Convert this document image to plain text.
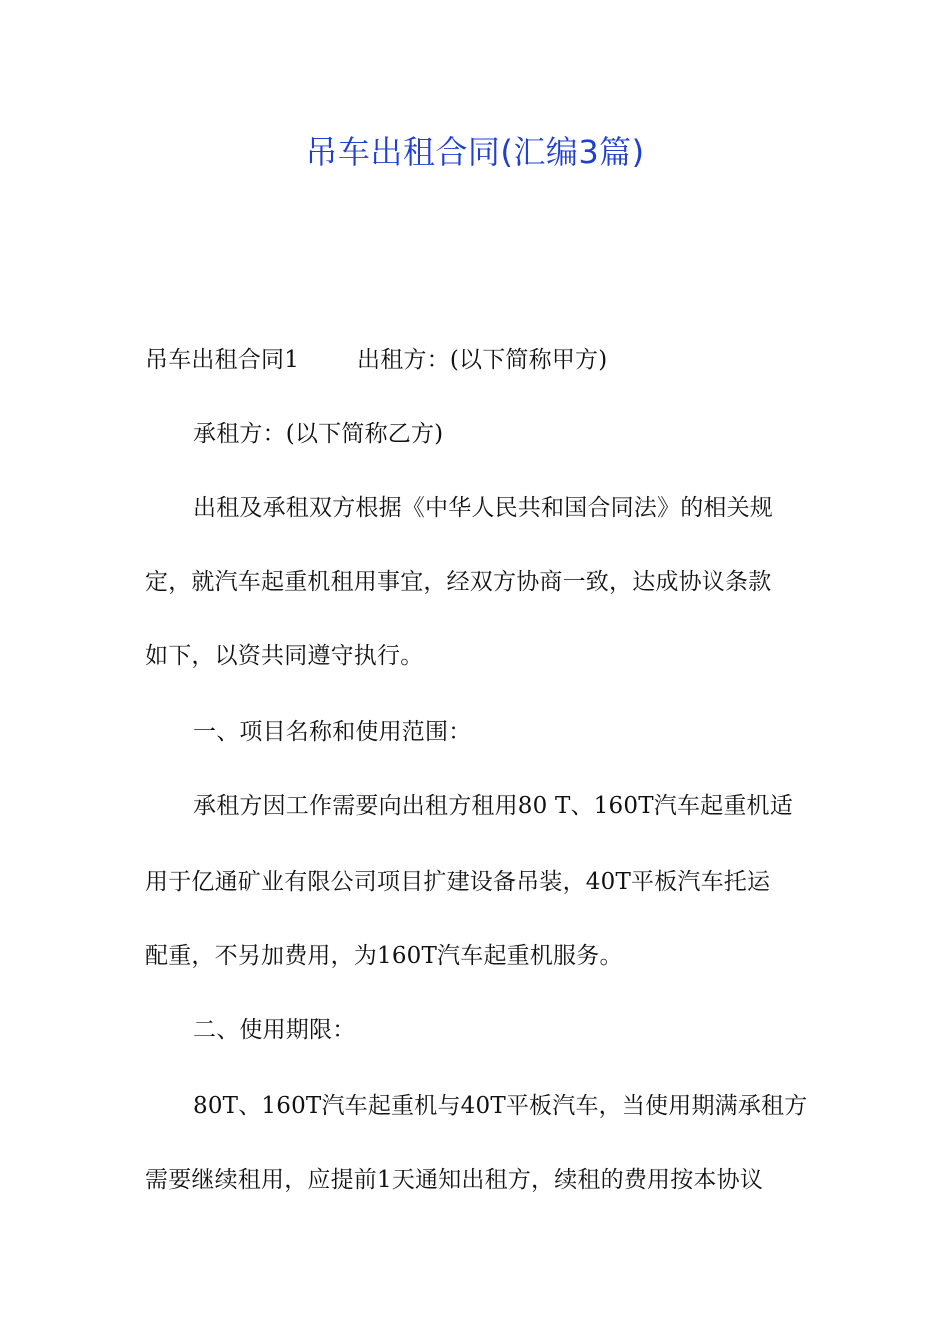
吊车出租合同(汇编3篇)
吊车出租合同1	出租方：(以下简称甲方)
承租方：(以下简称乙方)
出租及承租双方根据《中华人民共和国合同法》的相关规
定，就汽车起重机租用事宜，经双方协商一致，达成协议条款
如下，以资共同遵守执行。
一、项目名称和使用范围：
承租方因工作需要向出租方租用80 T、160T汽车起重机适
用于亿通矿业有限公司项目扩建设备吊装，40T平板汽车托运
配重，不另加费用，为160T汽车起重机服务。
二、使用期限：
80T、160T汽车起重机与40T平板汽车，当使用期满承租方
需要继续租用，应提前1天通知出租方，续租的费用按本协议
